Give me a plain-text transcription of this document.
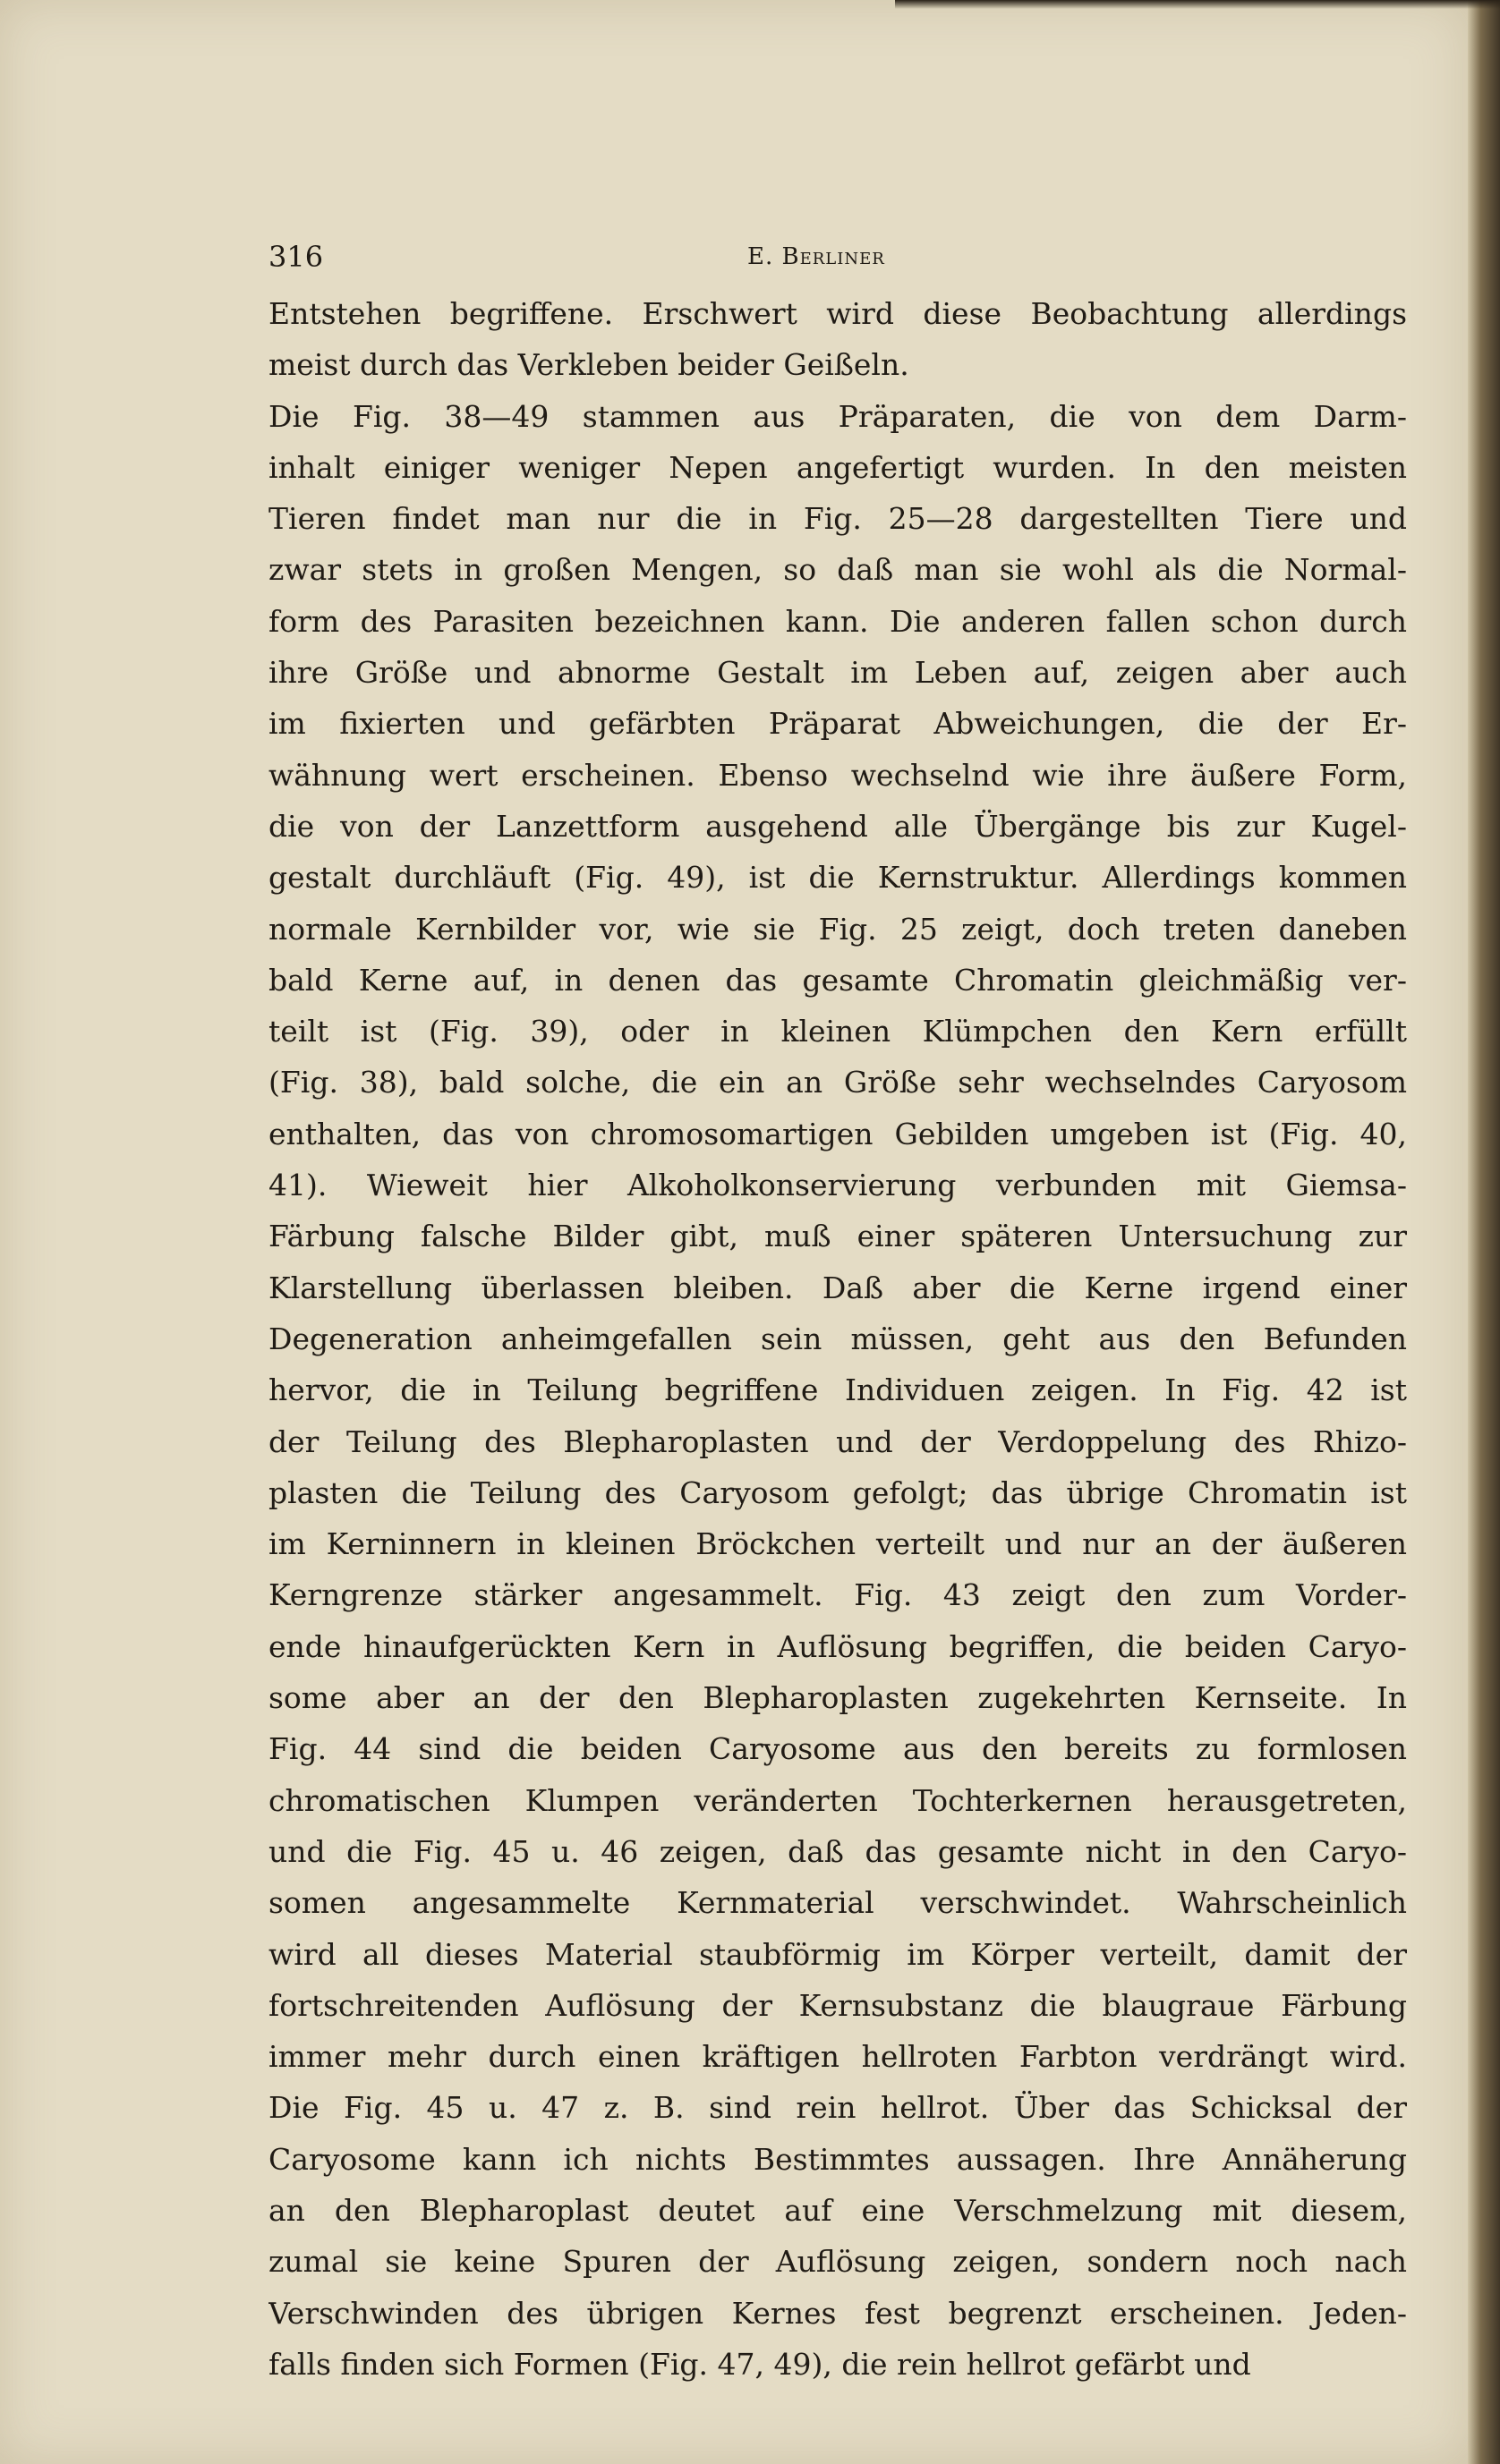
316	E. Berliner
Entstehen begriffene. Erschwert wird diese Beobachtung allerdings
meist durch das Verkleben beider Geißeln.
Die Fig. 38—49 stammen aus Präparaten, die von dem Darm-
inhalt einiger weniger Nepen angefertigt wurden. In den meisten
Tieren findet man nur die in Fig. 25—28 dargestellten Tiere und
zwar stets in großen Mengen, so daß man sie wohl als die Normal-
form des Parasiten bezeichnen kann. Die anderen fallen schon durch
ihre Größe und abnorme Gestalt im Leben auf, zeigen aber auch
im fixierten und gefärbten Präparat Abweichungen, die der Er-
wähnung wert erscheinen. Ebenso wechselnd wie ihre äußere Form,
die von der Lanzettform ausgehend alle Übergänge bis zur Kugel-
gestalt durchläuft (Fig. 49), ist die Kernstruktur. Allerdings kommen
normale Kernbilder vor, wie sie Fig. 25 zeigt, doch treten daneben
bald Kerne auf, in denen das gesamte Chromatin gleichmäßig ver-
teilt ist (Fig. 39), oder in kleinen Klümpchen den Kern erfüllt
(Fig. 38), bald solche, die ein an Größe sehr wechselndes Caryosom
enthalten, das von chromosomartigen Gebilden umgeben ist (Fig. 40,
41). Wieweit hier Alkoholkonservierung verbunden mit Giemsa-
Färbung falsche Bilder gibt, muß einer späteren Untersuchung zur
Klarstellung überlassen bleiben. Daß aber die Kerne irgend einer
Degeneration anheimgefallen sein müssen, geht aus den Befunden
hervor, die in Teilung begriffene Individuen zeigen. In Fig. 42 ist
der Teilung des Blepharoplasten und der Verdoppelung des Rhizo-
plasten die Teilung des Caryosom gefolgt; das übrige Chromatin ist
im Kerninnern in kleinen Bröckchen verteilt und nur an der äußeren
Kerngrenze stärker angesammelt. Fig. 43 zeigt den zum Vorder-
ende hinaufgerückten Kern in Auflösung begriffen, die beiden Caryo-
some aber an der den Blepharoplasten zugekehrten Kernseite. In
Fig. 44 sind die beiden Caryosome aus den bereits zu formlosen
chromatischen Klumpen veränderten Tochterkernen herausgetreten,
und die Fig. 45 u. 46 zeigen, daß das gesamte nicht in den Caryo-
somen angesammelte Kernmaterial verschwindet. Wahrscheinlich
wird all dieses Material staubförmig im Körper verteilt, damit der
fortschreitenden Auflösung der Kernsubstanz die blaugraue Färbung
immer mehr durch einen kräftigen hellroten Farbton verdrängt wird.
Die Fig. 45 u. 47 z. B. sind rein hellrot. Über das Schicksal der
Caryosome kann ich nichts Bestimmtes aussagen. Ihre Annäherung
an den Blepharoplast deutet auf eine Verschmelzung mit diesem,
zumal sie keine Spuren der Auflösung zeigen, sondern noch nach
Verschwinden des übrigen Kernes fest begrenzt erscheinen. Jeden-
falls finden sich Formen (Fig. 47, 49), die rein hellrot gefärbt und
